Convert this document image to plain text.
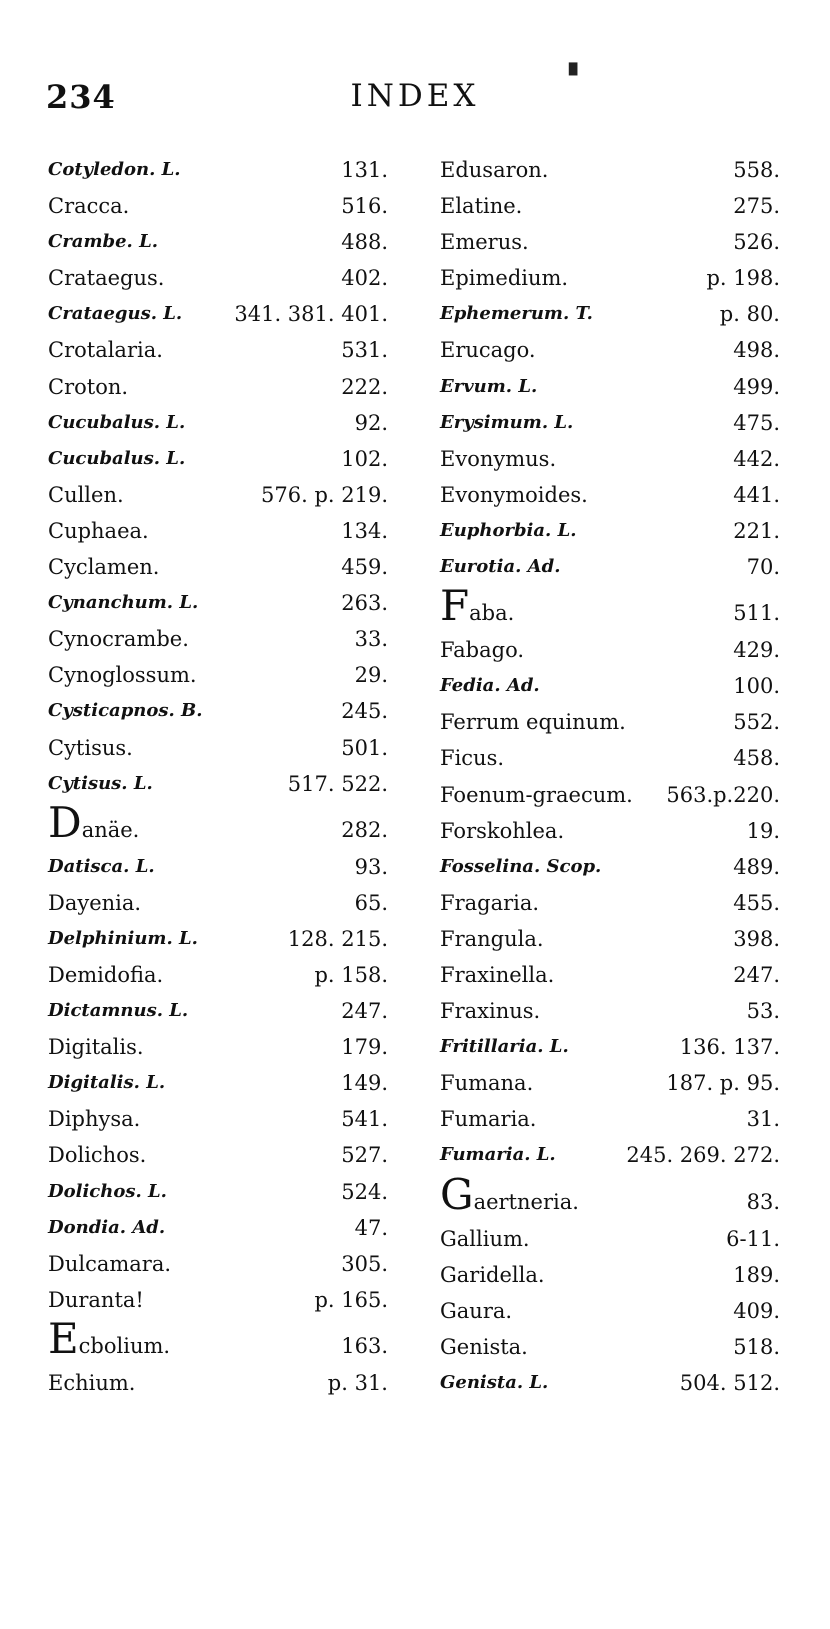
234	INDEX
Cotyledon. L.	131.
Cracca.	516.
Crambe. L.	488.
Crataegus.	402.
Crataegus. L. 341. 381. 401.
Crotalaria.	531.
Croton.	222.
Cucubalus. L.	92.
Cucubalus. L.	102.
Cullen.	576. p. 219.
Cuphaea.	134.
Cyclamen.	459.
Cynanchum. L.	263.
Cynocrambe.	33.
Cynoglossum.	29.
Cysticapnos. B.	245.
Cytisus.	501.
Cytisus. L.	517. 522.
Danäe.	282.
Datisca. L.	93.
Dayenia.	65.
Delphinium. L.	128. 215.
Demidofia.	p. 158.
Dictamnus. L.	247.
Digitalis.	179.
Digitalis. L.	149.
Diphysa.	541.
Dolichos.	527.
Dolichos. L.	524.
Dondia. Ad.	47.
Dulcamara.	305.
Duranta!	p. 165.
Ecbolium.	163.
Echium.	p. 31.
Edusaron.	558.
Elatine.	275.
Emerus.	526.
Epimedium.	p. 198.
Ephemerum. T.	p. 80.
Erucago.	498.
Ervum. L.	499.
Erysimum. L.	475.
Evonymus.	442.
Evonymoides.	441.
Euphorbia. L.	221.
Eurotia. Ad.	70.
Faba.	511.
Fabago.	429.
Fedia. Ad.	100.
Ferrum equinum.	552.
Ficus.	458.
Foenum-graecum. 563.p.220.
Forskohlea.	19.
Fosselina. Scop.	489.
Fragaria.	455.
Frangula.	398.
Fraxinella.	247.
Fraxinus.	53.
Fritillaria. L.	136. 137.
Fumana.	187. p. 95.
Fumaria.	31.
Fumaria. L.	245. 269. 272.
Gaertneria.	83.
Gallium.	6-11.
Garidella.	189.
Gaura.	409.
Genista.	518.
Genista. L.	504. 512.
▘
